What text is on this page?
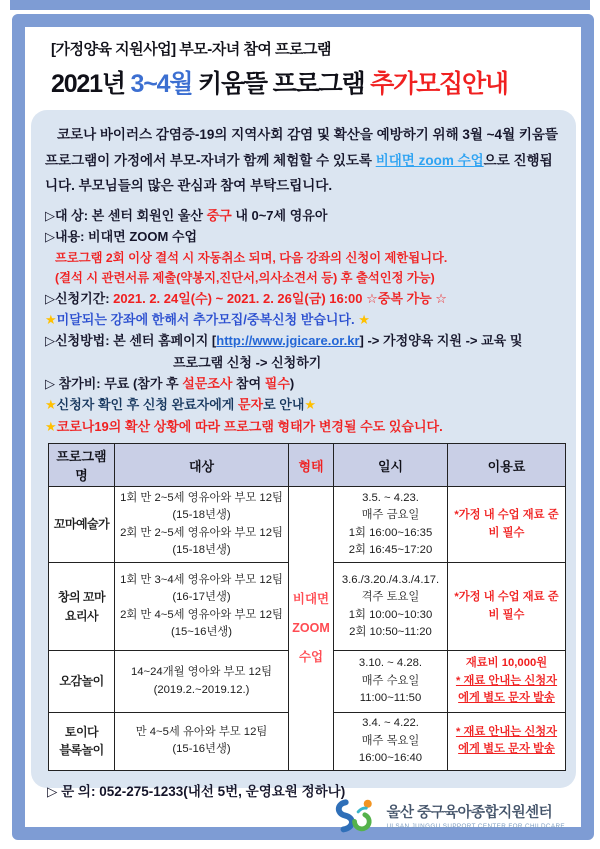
[가정양육 지원사업] 부모-자녀 참여 프로그램
2021년 3~4월 키움뜰 프로그램 추가모집안내

코로나 바이러스 감염증-19의 지역사회 감염 및 확산을 예방하기 위해 3월 ~4월 키움뜰 프로그램이 가정에서 부모-자녀가 함께 체험할 수 있도록 비대면 zoom 수업으로 진행됩니다. 부모님들의 많은 관심과 참여 부탁드립니다.

▷대 상: 본 센터 회원인 울산 중구 내 0~7세 영유아
▷내용: 비대면 ZOOM 수업
프로그램 2회 이상 결석 시 자동취소 되며, 다음 강좌의 신청이 제한됩니다.
(결석 시 관련서류 제출(약봉지,진단서,의사소견서 등) 후 출석인정 가능)
▷신청기간: 2021. 2. 24일(수) ~ 2021. 2. 26일(금) 16:00 ☆중복 가능 ☆
★미달되는 강좌에 한해서 추가모집/중복신청 받습니다. ★
▷신청방법: 본 센터 홈페이지 [http://www.jgicare.or.kr] -> 가정양육 지원 -> 교육 및
프로그램 신청 -> 신청하기
▷ 참가비: 무료 (참가 후 설문조사 참여 필수)
★신청자 확인 후 신청 완료자에게 문자로 안내★
★코로나19의 확산 상황에 따라 프로그램 형태가 변경될 수도 있습니다.
프로그램명	대상	형태	일시	이용료
꼬마예술가	1회 만 2~5세 영유아와 부모 12팀
(15-18년생)
2회 만 2~5세 영유아와 부모 12팀
(15-18년생)	비대면
ZOOM
수업	3.5. ~ 4.23.
매주 금요일
1회 16:00~16:35
2회 16:45~17:20	*가정 내 수업 재료 준비 필수
창의 꼬마
요리사	1회 만 3~4세 영유아와 부모 12팀
(16-17년생)
2회 만 4~5세 영유아와 부모 12팀
(15~16년생)		3.6./3.20./4.3./4.17.
격주 토요일
1회 10:00~10:30
2회 10:50~11:20	*가정 내 수업 재료 준비 필수
오감놀이	14~24개월 영아와 부모 12팀
(2019.2.~2019.12.)		3.10. ~ 4.28.
매주 수요일
11:00~11:50	재료비 10,000원
* 재료 안내는 신청자에게 별도 문자 발송
토이다
블록놀이	만 4~5세 유아와 부모 12팀
(15-16년생)		3.4. ~ 4.22.
매주 목요일
16:00~16:40	* 재료 안내는 신청자에게 별도 문자 발송
▷ 문 의: 052-275-1233(내선 5번, 운영요원 정하나)
울산 중구육아종합지원센터
ULSAN JUNGGU SUPPORT CENTER FOR CHILDCARE
